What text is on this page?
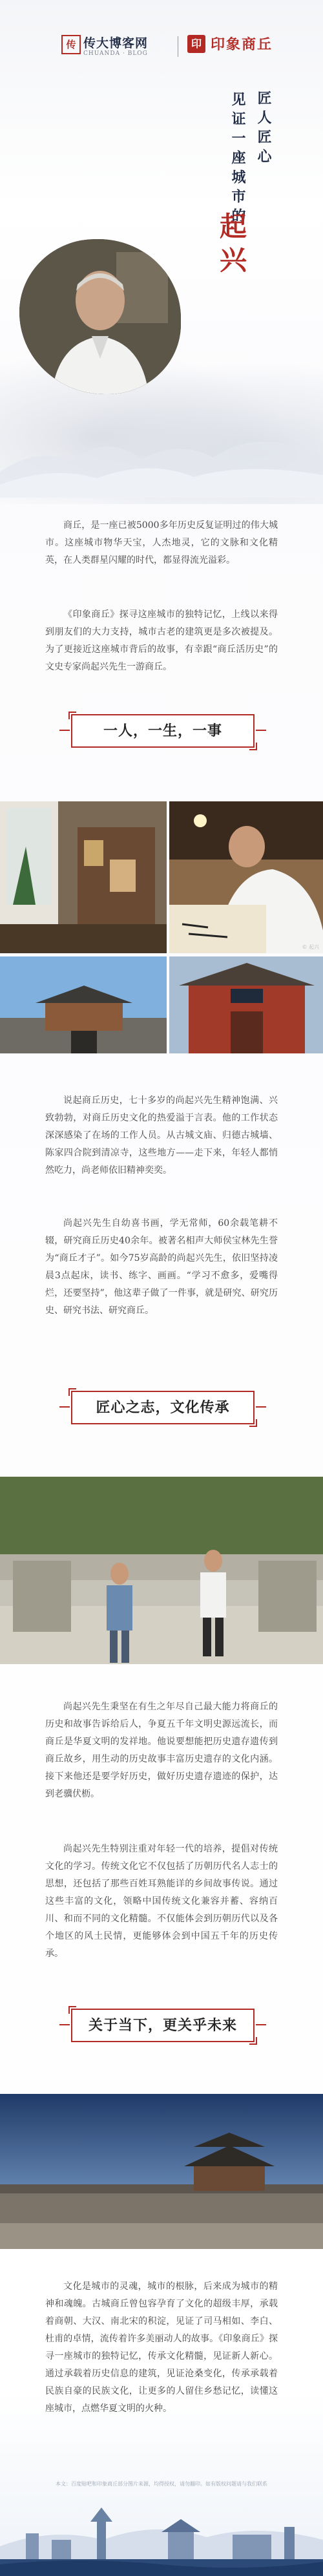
传 传大博客网
CHUANDA · BLOG
印 印象商丘
匠人匠心
见证一座城市的
起兴

商丘，是一座已被5000多年历史反复证明过的伟大城市。这座城市物华天宝，人杰地灵，它的文脉和文化精英，在人类群星闪耀的时代，都显得流光溢彩。

《印象商丘》探寻这座城市的独特记忆，上线以来得到朋友们的大力支持，城市古老的建筑更是多次被提及。为了更接近这座城市背后的故事，有幸跟“商丘活历史”的文史专家尚起兴先生一游商丘。

一人，一生，一事
© 起兴

说起商丘历史，七十多岁的尚起兴先生精神饱满、兴致勃勃，对商丘历史文化的热爱溢于言表。他的工作状态深深感染了在场的工作人员。从古城文庙、归德古城墙、陈家四合院到清凉寺，这些地方——走下来，年轻人都悄然吃力，尚老师依旧精神奕奕。

尚起兴先生自幼喜书画，学无常师，60余载笔耕不辍，研究商丘历史40余年。被著名相声大师侯宝林先生誉为“商丘才子”。如今75岁高龄的尚起兴先生，依旧坚持凌晨3点起床，读书、练字、画画。“学习不愈多，爱嘴得烂，还要坚持”，他这辈子做了一件事，就是研究、研究历史、研究书法、研究商丘。

匠心之志，文化传承

尚起兴先生秉坚在有生之年尽自己最大能力将商丘的历史和故事告诉给后人，争夏五千年文明史源远流长，而商丘是华夏文明的发祥地。他说要想能把历史遗存遗传到商丘故乡，用生动的历史故事丰富历史遗存的文化内涵。接下来他还是要学好历史，做好历史遗存遗迹的保护，达到老骥伏枥。

尚起兴先生特别注重对年轻一代的培养，提倡对传统文化的学习。传统文化它不仅包括了历朝历代名人志士的思想，还包括了那些百姓耳熟能详的乡间故事传说。通过这些丰富的文化，领略中国传统文化兼容并蓄、容纳百川、和而不同的文化精髓。不仅能体会到历朝历代以及各个地区的风土民情，更能够体会到中国五千年的历史传承。

关于当下，更关乎未来

文化是城市的灵魂，城市的根脉，后来成为城市的精神和魂魄。古城商丘曾包容孕育了文化的超级丰厚，承载着商朝、大汉、南北宋的积淀，见证了司马相如、李白、杜甫的卓情，流传着许多美丽动人的故事。《印象商丘》探寻一座城市的独特记忆，传承文化精髓，见证新人新心。通过承载着历史信息的建筑，见证沧桑变化，传承承载着民族自豪的民族文化，让更多的人留住乡愁记忆，读懂这座城市，点燃华夏文明的火种。

本文：百度贴吧和印象商丘部分图片来源，均得授权，请勿翻印。如有版权问题请与我们联系
